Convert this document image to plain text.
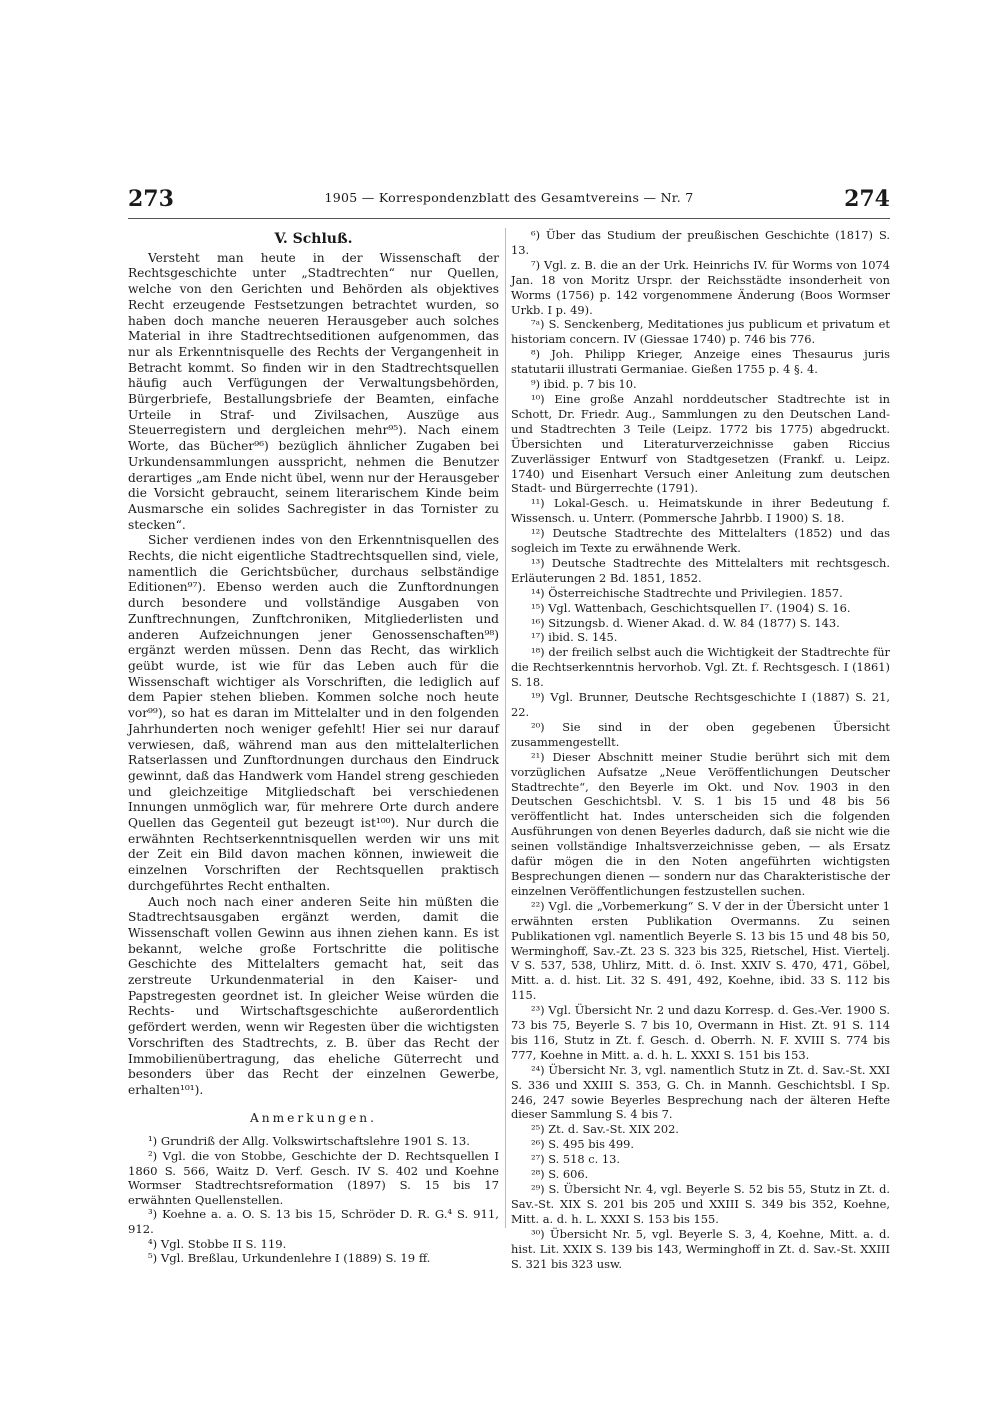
273	1905 — Korrespondenzblatt des Gesamtvereins — Nr. 7	274
V. Schluß.

Versteht man heute in der Wissenschaft der Rechtsgeschichte unter „Stadtrechten“ nur Quellen, welche von den Gerichten und Behörden als objektives Recht erzeugende Festsetzungen betrachtet wurden, so haben doch manche neueren Herausgeber auch solches Material in ihre Stadtrechtseditionen aufgenommen, das nur als Erkenntnisquelle des Rechts der Vergangenheit in Betracht kommt. So finden wir in den Stadtrechtsquellen häufig auch Verfügungen der Verwaltungsbehörden, Bürgerbriefe, Bestallungsbriefe der Beamten, einfache Urteile in Straf- und Zivilsachen, Auszüge aus Steuerregistern und dergleichen mehr⁹⁵). Nach einem Worte, das Bücher⁹⁶) bezüglich ähnlicher Zugaben bei Urkundensammlungen ausspricht, nehmen die Benutzer derartiges „am Ende nicht übel, wenn nur der Herausgeber die Vorsicht gebraucht, seinem literarischem Kinde beim Ausmarsche ein solides Sachregister in das Tornister zu stecken“.

Sicher verdienen indes von den Erkenntnisquellen des Rechts, die nicht eigentliche Stadtrechtsquellen sind, viele, namentlich die Gerichtsbücher, durchaus selbständige Editionen⁹⁷). Ebenso werden auch die Zunftordnungen durch besondere und vollständige Ausgaben von Zunftrechnungen, Zunftchroniken, Mitgliederlisten und anderen Aufzeichnungen jener Genossenschaften⁹⁸) ergänzt werden müssen. Denn das Recht, das wirklich geübt wurde, ist wie für das Leben auch für die Wissenschaft wichtiger als Vorschriften, die lediglich auf dem Papier stehen blieben. Kommen solche noch heute vor⁹⁹), so hat es daran im Mittelalter und in den folgenden Jahrhunderten noch weniger gefehlt! Hier sei nur darauf verwiesen, daß, während man aus den mittelalterlichen Ratserlassen und Zunftordnungen durchaus den Eindruck gewinnt, daß das Handwerk vom Handel streng geschieden und gleichzeitige Mitgliedschaft bei verschiedenen Innungen unmöglich war, für mehrere Orte durch andere Quellen das Gegenteil gut bezeugt ist¹⁰⁰). Nur durch die erwähnten Rechtserkenntnisquellen werden wir uns mit der Zeit ein Bild davon machen können, inwieweit die einzelnen Vorschriften der Rechtsquellen praktisch durchgeführtes Recht enthalten.

Auch noch nach einer anderen Seite hin müßten die Stadtrechtsausgaben ergänzt werden, damit die Wissenschaft vollen Gewinn aus ihnen ziehen kann. Es ist bekannt, welche große Fortschritte die politische Geschichte des Mittelalters gemacht hat, seit das zerstreute Urkundenmaterial in den Kaiser- und Papstregesten geordnet ist. In gleicher Weise würden die Rechts- und Wirtschaftsgeschichte außerordentlich gefördert werden, wenn wir Regesten über die wichtigsten Vorschriften des Stadtrechts, z. B. über das Recht der Immobilienübertragung, das eheliche Güterrecht und besonders über das Recht der einzelnen Gewerbe, erhalten¹⁰¹).

Anmerkungen.

¹) Grundriß der Allg. Volkswirtschaftslehre 1901 S. 13.

²) Vgl. die von Stobbe, Geschichte der D. Rechtsquellen I 1860 S. 566, Waitz D. Verf. Gesch. IV S. 402 und Koehne Wormser Stadtrechtsreformation (1897) S. 15 bis 17 erwähnten Quellenstellen.

³) Koehne a. a. O. S. 13 bis 15, Schröder D. R. G.⁴ S. 911, 912.

⁴) Vgl. Stobbe II S. 119.

⁵) Vgl. Breßlau, Urkundenlehre I (1889) S. 19 ff.

⁶) Über das Studium der preußischen Geschichte (1817) S. 13.

⁷) Vgl. z. B. die an der Urk. Heinrichs IV. für Worms von 1074 Jan. 18 von Moritz Urspr. der Reichsstädte insonderheit von Worms (1756) p. 142 vorgenommene Änderung (Boos Wormser Urkb. I p. 49).

⁷ᵃ) S. Senckenberg, Meditationes jus publicum et privatum et historiam concern. IV (Giessae 1740) p. 746 bis 776.

⁸) Joh. Philipp Krieger, Anzeige eines Thesaurus juris statutarii illustrati Germaniae. Gießen 1755 p. 4 §. 4.

⁹) ibid. p. 7 bis 10.

¹⁰) Eine große Anzahl norddeutscher Stadtrechte ist in Schott, Dr. Friedr. Aug., Sammlungen zu den Deutschen Land- und Stadtrechten 3 Teile (Leipz. 1772 bis 1775) abgedruckt. Übersichten und Literaturverzeichnisse gaben Riccius Zuverlässiger Entwurf von Stadtgesetzen (Frankf. u. Leipz. 1740) und Eisenhart Versuch einer Anleitung zum deutschen Stadt- und Bürgerrechte (1791).

¹¹) Lokal-Gesch. u. Heimatskunde in ihrer Bedeutung f. Wissensch. u. Unterr. (Pommersche Jahrbb. I 1900) S. 18.

¹²) Deutsche Stadtrechte des Mittelalters (1852) und das sogleich im Texte zu erwähnende Werk.

¹³) Deutsche Stadtrechte des Mittelalters mit rechtsgesch. Erläuterungen 2 Bd. 1851, 1852.

¹⁴) Österreichische Stadtrechte und Privilegien. 1857.

¹⁵) Vgl. Wattenbach, Geschichtsquellen I⁷. (1904) S. 16.

¹⁶) Sitzungsb. d. Wiener Akad. d. W. 84 (1877) S. 143.

¹⁷) ibid. S. 145.

¹⁸) der freilich selbst auch die Wichtigkeit der Stadtrechte für die Rechtserkenntnis hervorhob. Vgl. Zt. f. Rechtsgesch. I (1861) S. 18.

¹⁹) Vgl. Brunner, Deutsche Rechtsgeschichte I (1887) S. 21, 22.

²⁰) Sie sind in der oben gegebenen Übersicht zusammengestellt.

²¹) Dieser Abschnitt meiner Studie berührt sich mit dem vorzüglichen Aufsatze „Neue Veröffentlichungen Deutscher Stadtrechte“, den Beyerle im Okt. und Nov. 1903 in den Deutschen Geschichtsbl. V. S. 1 bis 15 und 48 bis 56 veröffentlicht hat. Indes unterscheiden sich die folgenden Ausführungen von denen Beyerles dadurch, daß sie nicht wie die seinen vollständige Inhaltsverzeichnisse geben, — als Ersatz dafür mögen die in den Noten angeführten wichtigsten Besprechungen dienen — sondern nur das Charakteristische der einzelnen Veröffentlichungen festzustellen suchen.

²²) Vgl. die „Vorbemerkung“ S. V der in der Übersicht unter 1 erwähnten ersten Publikation Overmanns. Zu seinen Publikationen vgl. namentlich Beyerle S. 13 bis 15 und 48 bis 50, Werminghoff, Sav.-Zt. 23 S. 323 bis 325, Rietschel, Hist. Viertelj. V S. 537, 538, Uhlirz, Mitt. d. ö. Inst. XXIV S. 470, 471, Göbel, Mitt. a. d. hist. Lit. 32 S. 491, 492, Koehne, ibid. 33 S. 112 bis 115.

²³) Vgl. Übersicht Nr. 2 und dazu Korresp. d. Ges.-Ver. 1900 S. 73 bis 75, Beyerle S. 7 bis 10, Overmann in Hist. Zt. 91 S. 114 bis 116, Stutz in Zt. f. Gesch. d. Oberrh. N. F. XVIII S. 774 bis 777, Koehne in Mitt. a. d. h. L. XXXI S. 151 bis 153.

²⁴) Übersicht Nr. 3, vgl. namentlich Stutz in Zt. d. Sav.-St. XXI S. 336 und XXIII S. 353, G. Ch. in Mannh. Geschichtsbl. I Sp. 246, 247 sowie Beyerles Besprechung nach der älteren Hefte dieser Sammlung S. 4 bis 7.

²⁵) Zt. d. Sav.-St. XIX 202.

²⁶) S. 495 bis 499.

²⁷) S. 518 c. 13.

²⁸) S. 606.

²⁹) S. Übersicht Nr. 4, vgl. Beyerle S. 52 bis 55, Stutz in Zt. d. Sav.-St. XIX S. 201 bis 205 und XXIII S. 349 bis 352, Koehne, Mitt. a. d. h. L. XXXI S. 153 bis 155.

³⁰) Übersicht Nr. 5, vgl. Beyerle S. 3, 4, Koehne, Mitt. a. d. hist. Lit. XXIX S. 139 bis 143, Werminghoff in Zt. d. Sav.-St. XXIII S. 321 bis 323 usw.
